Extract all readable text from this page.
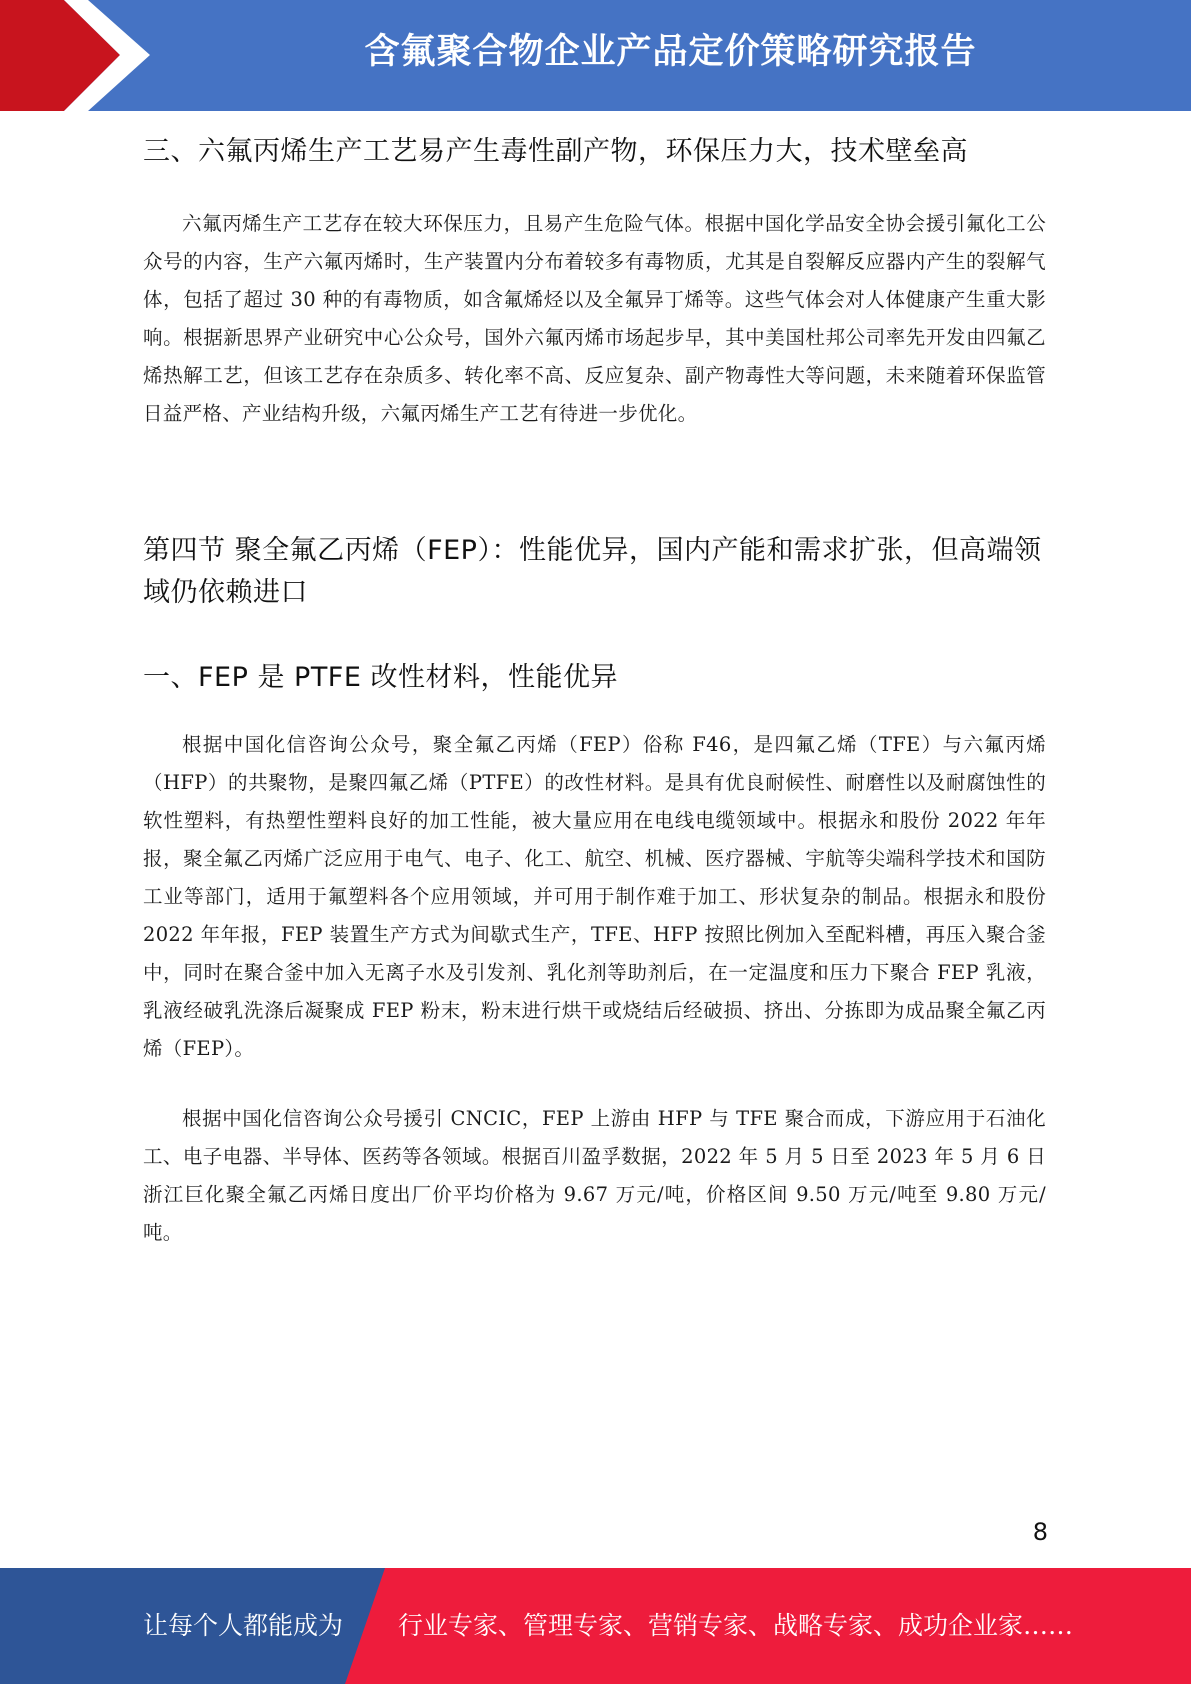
含氟聚合物企业产品定价策略研究报告
三、六氟丙烯生产工艺易产生毒性副产物，环保压力大，技术壁垒高

六氟丙烯生产工艺存在较大环保压力，且易产生危险气体。根据中国化学品安全协会援引氟化工公众号的内容，生产六氟丙烯时，生产装置内分布着较多有毒物质，尤其是自裂解反应器内产生的裂解气体，包括了超过 30 种的有毒物质，如含氟烯烃以及全氟异丁烯等。这些气体会对人体健康产生重大影响。根据新思界产业研究中心公众号，国外六氟丙烯市场起步早，其中美国杜邦公司率先开发由四氟乙烯热解工艺，但该工艺存在杂质多、转化率不高、反应复杂、副产物毒性大等问题，未来随着环保监管日益严格、产业结构升级，六氟丙烯生产工艺有待进一步优化。

第四节 聚全氟乙丙烯（FEP）：性能优异，国内产能和需求扩张，但高端领域仍依赖进口
一、FEP 是 PTFE 改性材料，性能优异

根据中国化信咨询公众号，聚全氟乙丙烯（FEP）俗称 F46，是四氟乙烯（TFE）与六氟丙烯（HFP）的共聚物，是聚四氟乙烯（PTFE）的改性材料。是具有优良耐候性、耐磨性以及耐腐蚀性的软性塑料，有热塑性塑料良好的加工性能，被大量应用在电线电缆领域中。根据永和股份 2022 年年报，聚全氟乙丙烯广泛应用于电气、电子、化工、航空、机械、医疗器械、宇航等尖端科学技术和国防工业等部门，适用于氟塑料各个应用领域，并可用于制作难于加工、形状复杂的制品。根据永和股份 2022 年年报，FEP 装置生产方式为间歇式生产，TFE、HFP 按照比例加入至配料槽，再压入聚合釜中，同时在聚合釜中加入无离子水及引发剂、乳化剂等助剂后，在一定温度和压力下聚合 FEP 乳液，乳液经破乳洗涤后凝聚成 FEP 粉末，粉末进行烘干或烧结后经破损、挤出、分拣即为成品聚全氟乙丙烯（FEP）。

根据中国化信咨询公众号援引 CNCIC，FEP 上游由 HFP 与 TFE 聚合而成，下游应用于石油化工、电子电器、半导体、医药等各领域。根据百川盈孚数据，2022 年 5 月 5 日至 2023 年 5 月 6 日浙江巨化聚全氟乙丙烯日度出厂价平均价格为 9.67 万元/吨，价格区间 9.50 万元/吨至 9.80 万元/吨。

8
让每个人都能成为 行业专家、管理专家、营销专家、战略专家、成功企业家……
